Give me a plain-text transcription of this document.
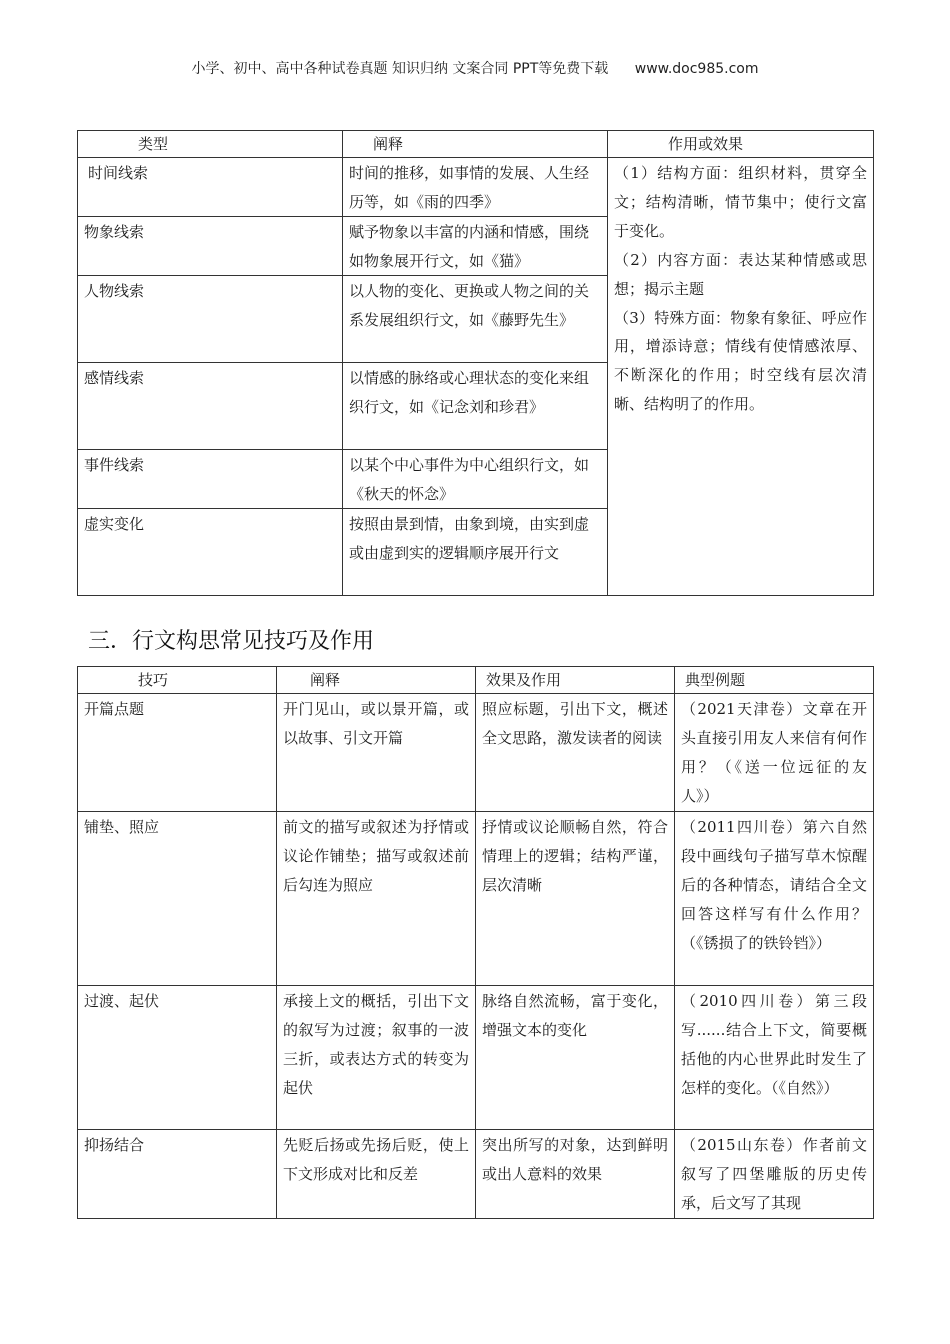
小学、初中、高中各种试卷真题 知识归纳 文案合同 PPT等免费下载 www.doc985.com
类型	阐释	作用或效果
时间线索	时间的推移，如事情的发展、人生经历等，如《雨的四季》	（1）结构方面：组织材料，贯穿全文；结构清晰，情节集中；使行文富于变化。
（2）内容方面：表达某种情感或思想；揭示主题
（3）特殊方面：物象有象征、呼应作用，增添诗意；情线有使情感浓厚、不断深化的作用；时空线有层次清晰、结构明了的作用。

物象线索	赋予物象以丰富的内涵和情感，围绕如物象展开行文，如《猫》	
人物线索	以人物的变化、更换或人物之间的关系发展组织行文，如《藤野先生》	
感情线索	以情感的脉络或心理状态的变化来组织行文，如《记念刘和珍君》	
事件线索	以某个中心事件为中心组织行文，如《秋天的怀念》	
虚实变化	按照由景到情，由象到境，由实到虚或由虚到实的逻辑顺序展开行文	
三．行文构思常见技巧及作用
技巧	阐释	效果及作用	典型例题
开篇点题	开门见山，或以景开篇，或以故事、引文开篇	照应标题，引出下文，概述全文思路，激发读者的阅读	（2021天津卷）文章在开头直接引用友人来信有何作用？（《送一位远征的友人》）
铺垫、照应	前文的描写或叙述为抒情或议论作铺垫；描写或叙述前后勾连为照应	抒情或议论顺畅自然，符合情理上的逻辑；结构严谨，层次清晰	（2011四川卷）第六自然段中画线句子描写草木惊醒后的各种情态，请结合全文回答这样写有什么作用？（《锈损了的铁铃铛》）
过渡、起伏	承接上文的概括，引出下文的叙写为过渡；叙事的一波三折，或表达方式的转变为起伏	脉络自然流畅，富于变化，增强文本的变化	（2010四川卷）第三段写......结合上下文，简要概括他的内心世界此时发生了怎样的变化。（《自然》）
抑扬结合	先贬后扬或先扬后贬，使上下文形成对比和反差	突出所写的对象，达到鲜明或出人意料的效果	（2015山东卷）作者前文叙写了四堡雕版的历史传承，后文写了其现
